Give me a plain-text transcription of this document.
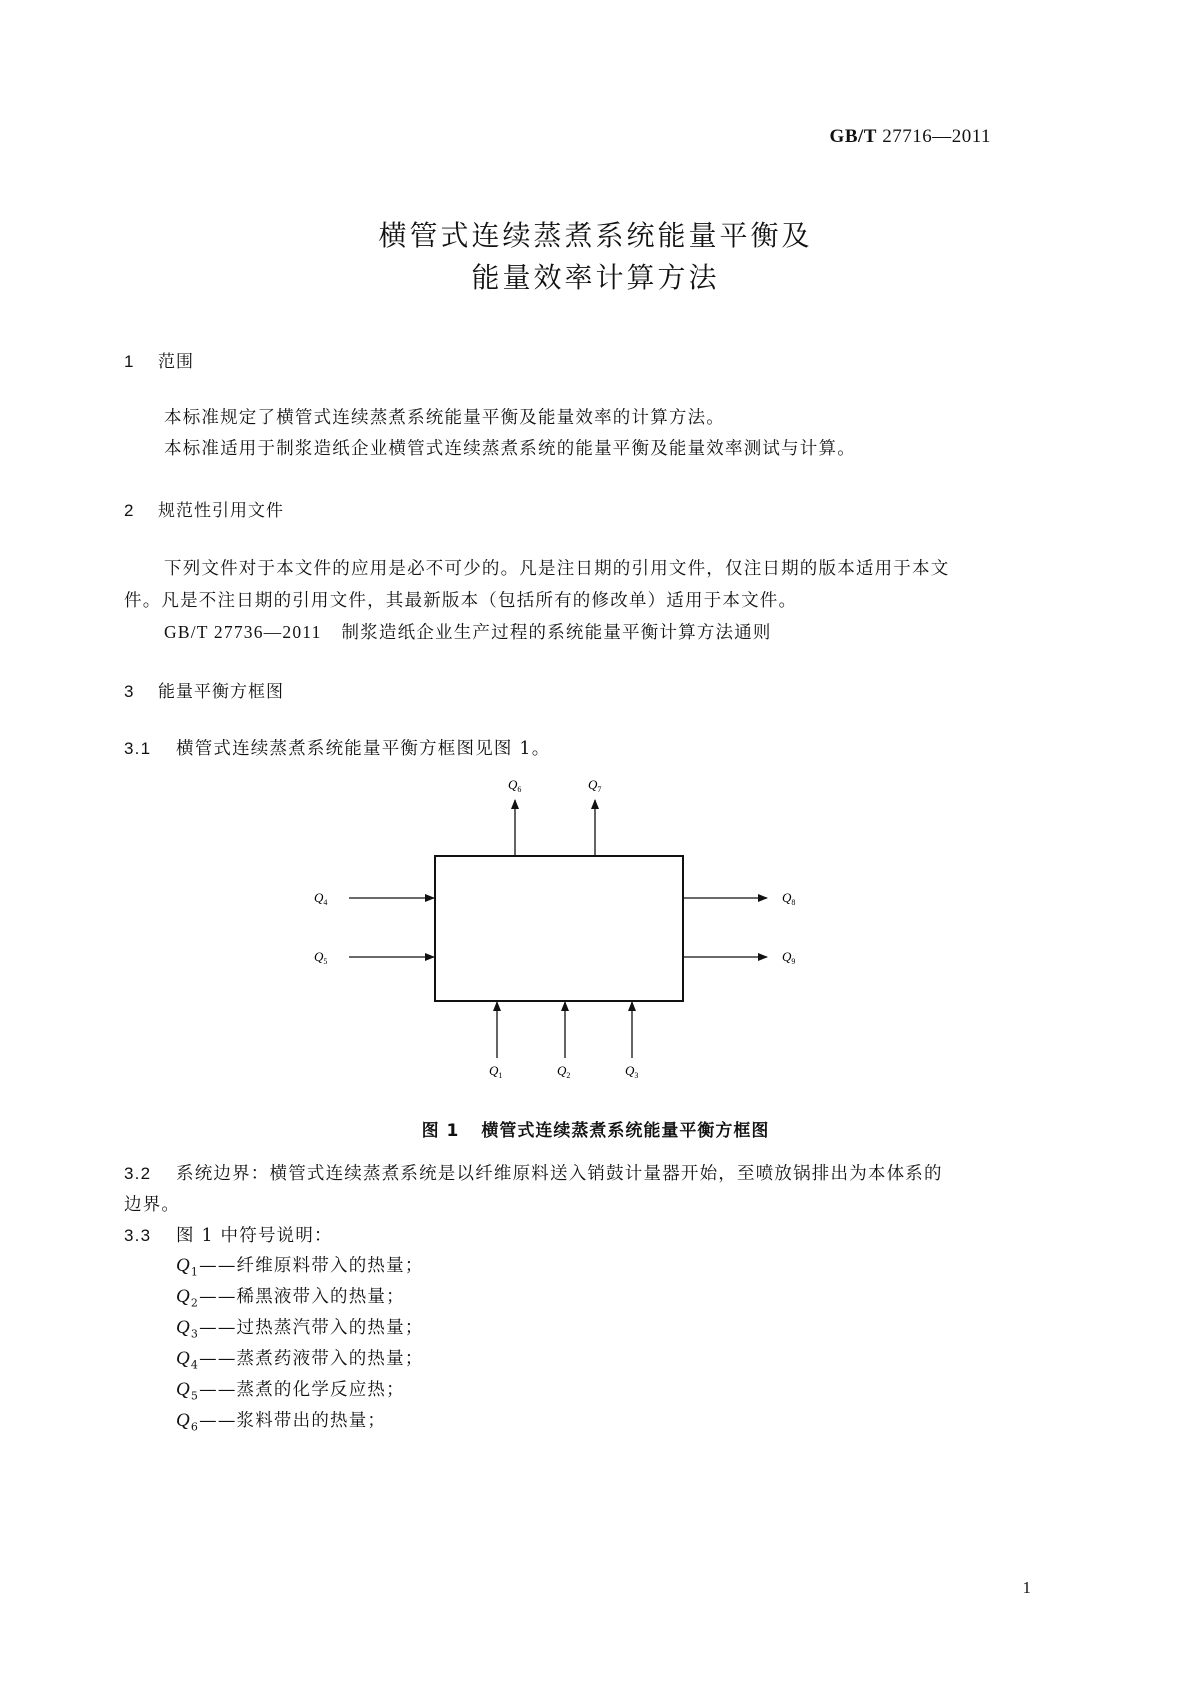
GB/T 27716—2011
横管式连续蒸煮系统能量平衡及
能量效率计算方法
1 范围
本标准规定了横管式连续蒸煮系统能量平衡及能量效率的计算方法。
本标准适用于制浆造纸企业横管式连续蒸煮系统的能量平衡及能量效率测试与计算。
2 规范性引用文件
下列文件对于本文件的应用是必不可少的。凡是注日期的引用文件，仅注日期的版本适用于本文
件。凡是不注日期的引用文件，其最新版本（包括所有的修改单）适用于本文件。
GB/T 27736—2011 制浆造纸企业生产过程的系统能量平衡计算方法通则
3 能量平衡方框图
3.1 横管式连续蒸煮系统能量平衡方框图见图 1。
$Q_6$	$Q_7$
$Q_4$
$Q_5$
$Q_8$
$Q_9$
$Q_1$	$Q_2$	$Q_3$
图 1 横管式连续蒸煮系统能量平衡方框图
3.2 系统边界：横管式连续蒸煮系统是以纤维原料送入销鼓计量器开始，至喷放锅排出为本体系的
边界。
3.3 图 1 中符号说明：
$Q_1——$纤维原料带入的热量；
$Q_2——$稀黑液带入的热量；
$Q_3——$过热蒸汽带入的热量；
$Q_4——$蒸煮药液带入的热量；
$Q_5——$蒸煮的化学反应热；
$Q_6——$浆料带出的热量；
1
